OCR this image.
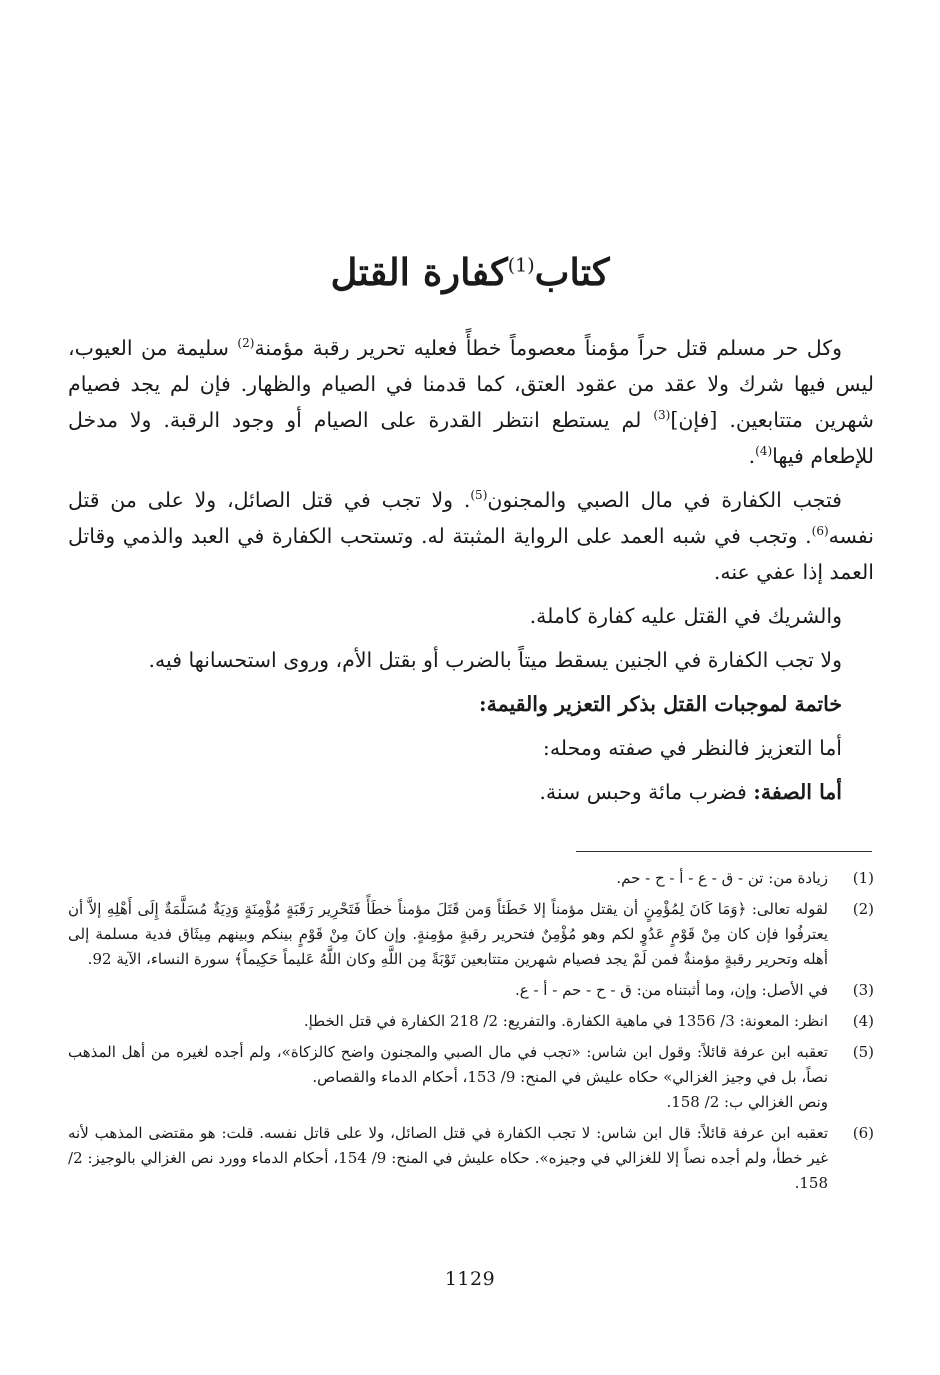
كتاب$^{(1)}$كفارة القتل

وكل حر مسلم قتل حراً مؤمناً معصوماً خطأً فعليه تحرير رقبة مؤمنة$^{(2)}$ سليمة من العيوب، ليس فيها شرك ولا عقد من عقود العتق، كما قدمنا في الصيام والظهار. فإن لم يجد فصيام شهرين متتابعين. [فإن]$^{(3)}$ لم يستطع انتظر القدرة على الصيام أو وجود الرقبة. ولا مدخل للإطعام فيها$^{(4)}$.

فتجب الكفارة في مال الصبي والمجنون$^{(5)}$. ولا تجب في قتل الصائل، ولا على من قتل نفسه$^{(6)}$. وتجب في شبه العمد على الرواية المثبتة له. وتستحب الكفارة في العبد والذمي وقاتل العمد إذا عفي عنه.

والشريك في القتل عليه كفارة كاملة.

ولا تجب الكفارة في الجنين يسقط ميتاً بالضرب أو بقتل الأم، وروى استحسانها فيه.

خاتمة لموجبات القتل بذكر التعزير والقيمة:

أما التعزيز فالنظر في صفته ومحله:

أما الصفة: فضرب مائة وحبس سنة.

(1)
زيادة من: تن - ق - ع - أ - ح - حم.
(2)
لقوله تعالى: ﴿وَمَا كَانَ لِمُؤْمِنٍ أن يقتل مؤمناً إلا خَطَئاً وَمن قَتَلَ مؤمناً خطَأً فَتَحْرِير رَقَبَةٍ مُؤْمِنَةٍ وَدِيَةٌ مُسَلَّمَةٌ إِلَى أَهْلِهِ إلاَّ أن يعترفُوا فإن كان مِنْ قَوْمٍ عَدُوٍ لكم وهو مُؤْمِنٌ فتحرير رقبةٍ مؤمِنةٍ. وإن كانَ مِنْ قَوْمٍ بينكم وبينهم مِيثَاق فدية مسلمة إلى أهله وتحرير رقبةٍ مؤمنةٌ فمن لَمْ يجد فصيام شهرين متتابعين تَوْبَةً مِن اللَّهِ وكان اللَّهُ عَليماً حَكِيماً﴾ سورة النساء، الآية 92.
(3)
في الأصل: وإن، وما أثبتناه من: ق - ح - حم - أ - ع.
(4)
انظر: المعونة: 3/ 1356 في ماهية الكفارة. والتفريع: 2/ 218 الكفارة في قتل الخطإ.
(5)
تعقبه ابن عرفة قائلاً: وقول ابن شاس: «تجب في مال الصبي والمجنون واضح كالزكاة»، ولم أجده لغيره من أهل المذهب نصاً، بل في وجيز الغزالي» حكاه عليش في المنح: 9/ 153، أحكام الدماء والقصاص.
ونص الغزالي ب: 2/ 158.
(6)
تعقبه ابن عرفة قائلاً: قال ابن شاس: لا تجب الكفارة في قتل الصائل، ولا على قاتل نفسه. قلت: هو مقتضى المذهب لأنه غير خطأ، ولم أجده نصاً إلا للغزالي في وجيزه». حكاه عليش في المنح: 9/ 154، أحكام الدماء وورد نص الغزالي بالوجيز: 2/ 158.
1129
